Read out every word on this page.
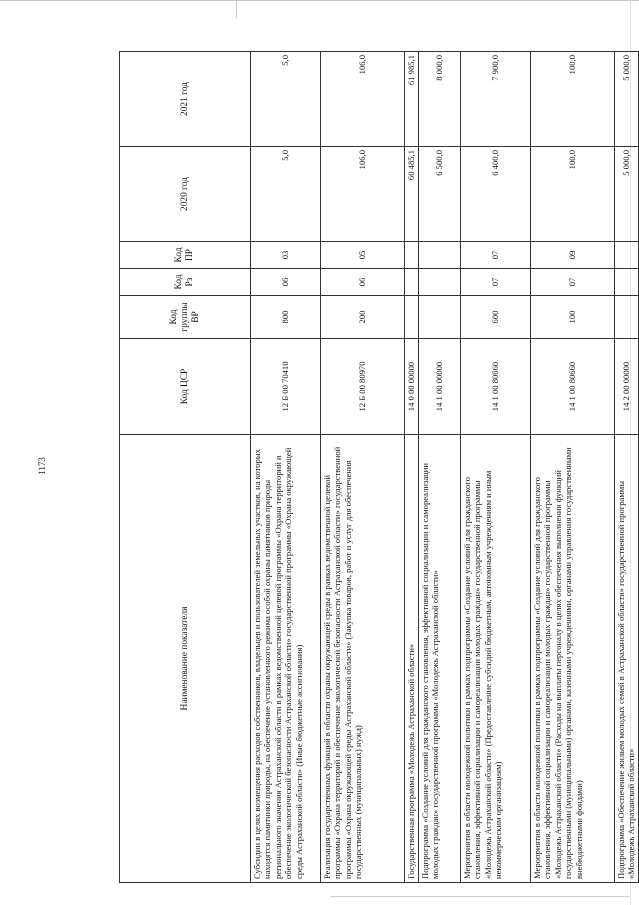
1173
Наименование показателя	Код ЦСР	Код группы ВР	Код Рз	Код ПР	2020 год	2021 год
Субсидии в целях возмещения расходов собственников, владельцев и пользователей земельных участков, на которых находятся памятники природы, на обеспечение установленного режима особой охраны памятников природы регионального значения Астраханской области в рамках ведомственной целевой программы «Охрана территорий и обеспечение экологической безопасности Астраханской области» государственной программы «Охрана окружающей среды Астраханской области» (Иные бюджетные ассигнования)	12 Б 00 70410	800	06	03	5,0	5,0
Реализация государственных функций в области охраны окружающей среды в рамках ведомственной целевой программы «Охрана территорий и обеспечение экологической безопасности Астраханской области» государственной программы «Охрана окружающей среды Астраханской области» (Закупка товаров, работ и услуг для обеспечения государственных (муниципальных) нужд)	12 Б 00 80970	200	06	05	106,0	106,0
Государственная программа «Молодежь Астраханской области»	14 0 00 00000				60 485,1	61 985,1
Подпрограмма «Создание условий для гражданского становления, эффективной социализации и самореализации молодых граждан» государственной программы «Молодежь Астраханской области»	14 1 00 00000				6 500,0	8 000,0
Мероприятия в области молодежной политики в рамках подпрограммы «Создание условий для гражданского становления, эффективной социализации и самореализации молодых граждан» государственной программы «Молодежь Астраханской области» (Предоставление субсидий бюджетным, автономным учреждениям и иным некоммерческим организациям)	14 1 00 80660	600	07	07	6 400,0	7 900,0
Мероприятия в области молодежной политики в рамках подпрограммы «Создание условий для гражданского становления, эффективной социализации и самореализации молодых граждан» государственной программы «Молодежь Астраханской области» (Расходы на выплаты персоналу в целях обеспечения выполнения функций государственными (муниципальными) органами, казенными учреждениями, органами управления государственными внебюджетными фондами)	14 1 00 80660	100	07	09	100,0	100,0
Подпрограмма «Обеспечение жильем молодых семей в Астраханской области» государственной программы «Молодежь Астраханской области»	14 2 00 00000				5 000,0	5 000,0
